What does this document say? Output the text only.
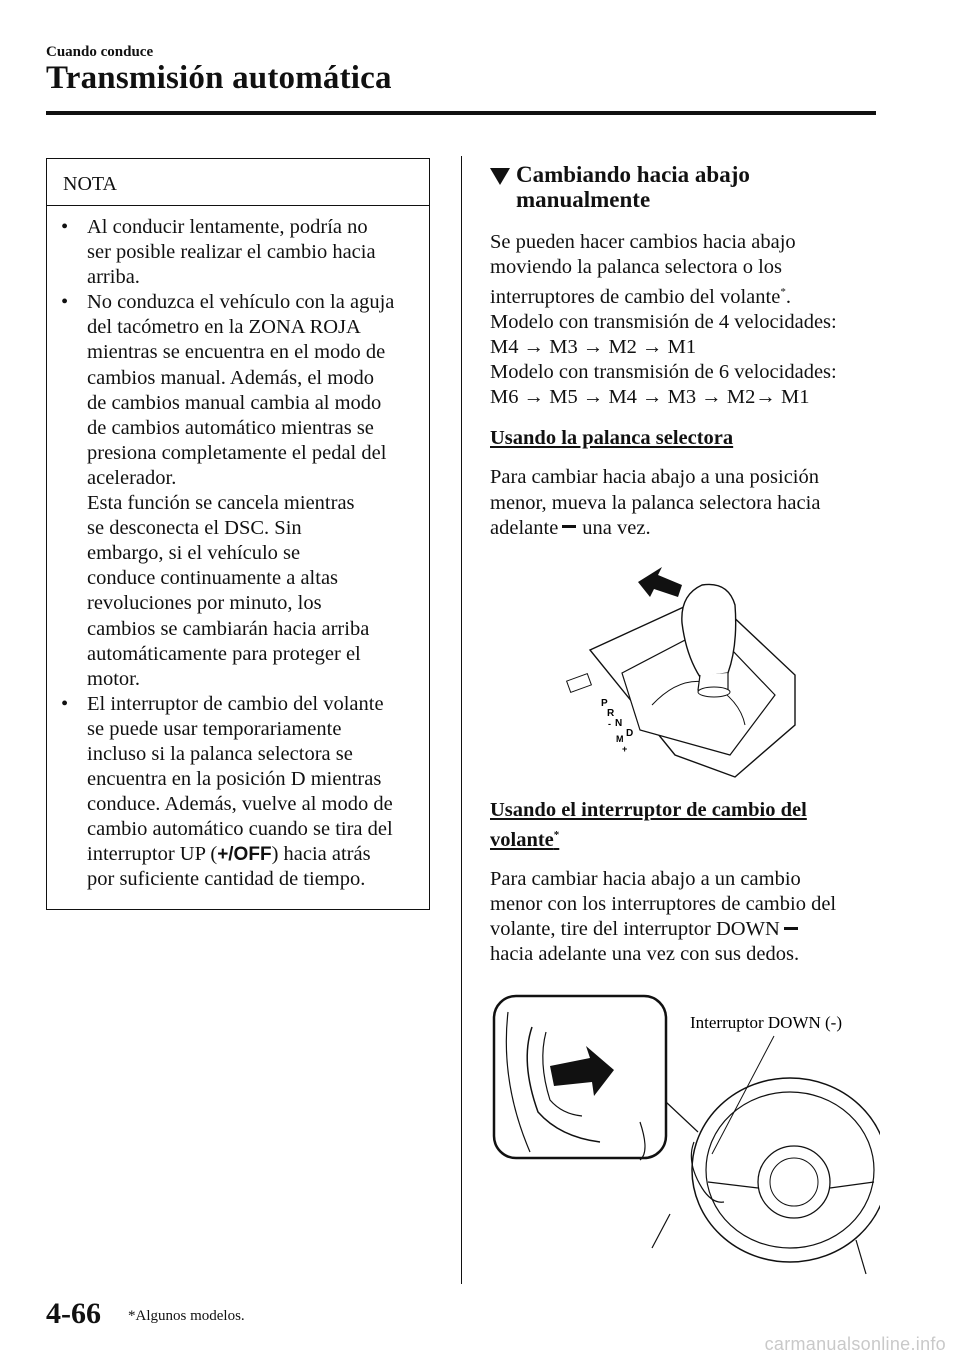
Cuando conduce
Transmisión automática
NOTA
• Al conducir lentamente, podría no
ser posible realizar el cambio hacia
arriba.
• No conduzca el vehículo con la aguja
del tacómetro en la ZONA ROJA
mientras se encuentra en el modo de
cambios manual. Además, el modo
de cambios manual cambia al modo
de cambios automático mientras se
presiona completamente el pedal del
acelerador.
Esta función se cancela mientras
se desconecta el DSC. Sin
embargo, si el vehículo se
conduce continuamente a altas
revoluciones por minuto, los
cambios se cambiarán hacia arriba
automáticamente para proteger el
motor.
• El interruptor de cambio del volante
se puede usar temporariamente
incluso si la palanca selectora se
encuentra en la posición D mientras
conduce. Además, vuelve al modo de
cambio automático cuando se tira del
interruptor UP (+/OFF) hacia atrás
por suficiente cantidad de tiempo.
Cambiando hacia abajo
manualmente

Se pueden hacer cambios hacia abajo
moviendo la palanca selectora o los
interruptores de cambio del volante*.
Modelo con transmisión de 4 velocidades:
M4 → M3 → M2 → M1
Modelo con transmisión de 6 velocidades:
M6 → M5 → M4 → M3 → M2→ M1

Usando la palanca selectora

Para cambiar hacia abajo a una posición
menor, mueva la palanca selectora hacia
adelante una vez.

P
R
N
D
M
+
-

Usando el interruptor de cambio del
volante*

Para cambiar hacia abajo a un cambio
menor con los interruptores de cambio del
volante, tire del interruptor DOWN
hacia adelante una vez con sus dedos.

Interruptor DOWN (-)
4-66 *Algunos modelos.
carmanualsonline.info
